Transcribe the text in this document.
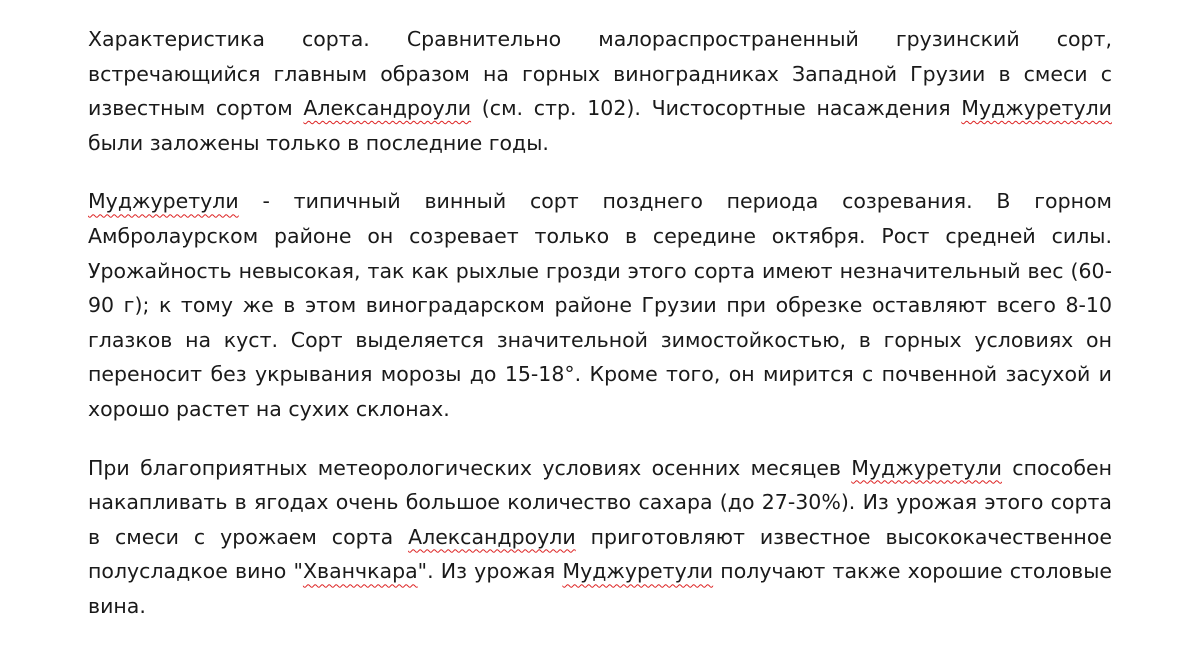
Характеристика сорта. Сравнительно малораспространенный грузинский сорт, встречающийся главным образом на горных виноградниках Западной Грузии в смеси с известным сортом Александроули (см. стр. 102). Чистосортные насаждения Муджуретули были заложены только в последние годы.

Муджуретули - типичный винный сорт позднего периода созревания. В горном Амбролаурском районе он созревает только в середине октября. Рост средней силы. Урожайность невысокая, так как рыхлые грозди этого сорта имеют незначительный вес (60-90 г); к тому же в этом виноградарском районе Грузии при обрезке оставляют всего 8-10 глазков на куст. Сорт выделяется значительной зимостойкостью, в горных условиях он переносит без укрывания морозы до 15-18°. Кроме того, он мирится с почвенной засухой и хорошо растет на сухих склонах.

При благоприятных метеорологических условиях осенних месяцев Муджуретули способен накапливать в ягодах очень большое количество сахара (до 27-30%). Из урожая этого сорта в смеси с урожаем сорта Александроули приготовляют известное высококачественное полусладкое вино "Хванчкара". Из урожая Муджуретули получают также хорошие столовые вина.
